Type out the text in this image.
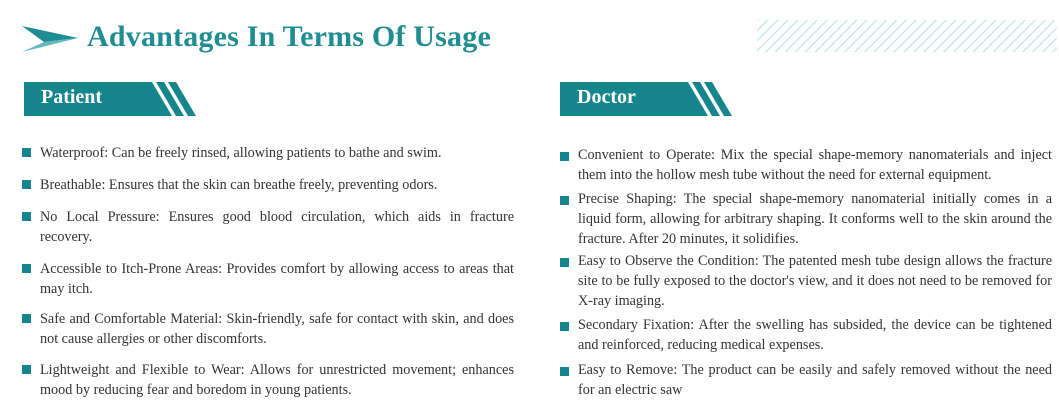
Advantages In Terms Of Usage
Patient	Doctor
Waterproof: Can be freely rinsed, allowing patients to bathe and swim.
Breathable: Ensures that the skin can breathe freely, preventing odors.
No Local Pressure: Ensures good blood circulation, which aids in fracture recovery.
Accessible to Itch-Prone Areas: Provides comfort by allowing access to areas that may itch.
Safe and Comfortable Material: Skin-friendly, safe for contact with skin, and does not cause allergies or other discomforts.
Lightweight and Flexible to Wear: Allows for unrestricted movement; enhances mood by reducing fear and boredom in young patients.
Convenient to Operate: Mix the special shape-memory nanomaterials and inject them into the hollow mesh tube without the need for external equipment.
Precise Shaping: The special shape-memory nanomaterial initially comes in a liquid form, allowing for arbitrary shaping. It conforms well to the skin around the fracture. After 20 minutes, it solidifies.
Easy to Observe the Condition: The patented mesh tube design allows the fracture site to be fully exposed to the doctor's view, and it does not need to be removed for X-ray imaging.
Secondary Fixation: After the swelling has subsided, the device can be tightened and reinforced, reducing medical expenses.
Easy to Remove: The product can be easily and safely removed without the need for an electric saw
